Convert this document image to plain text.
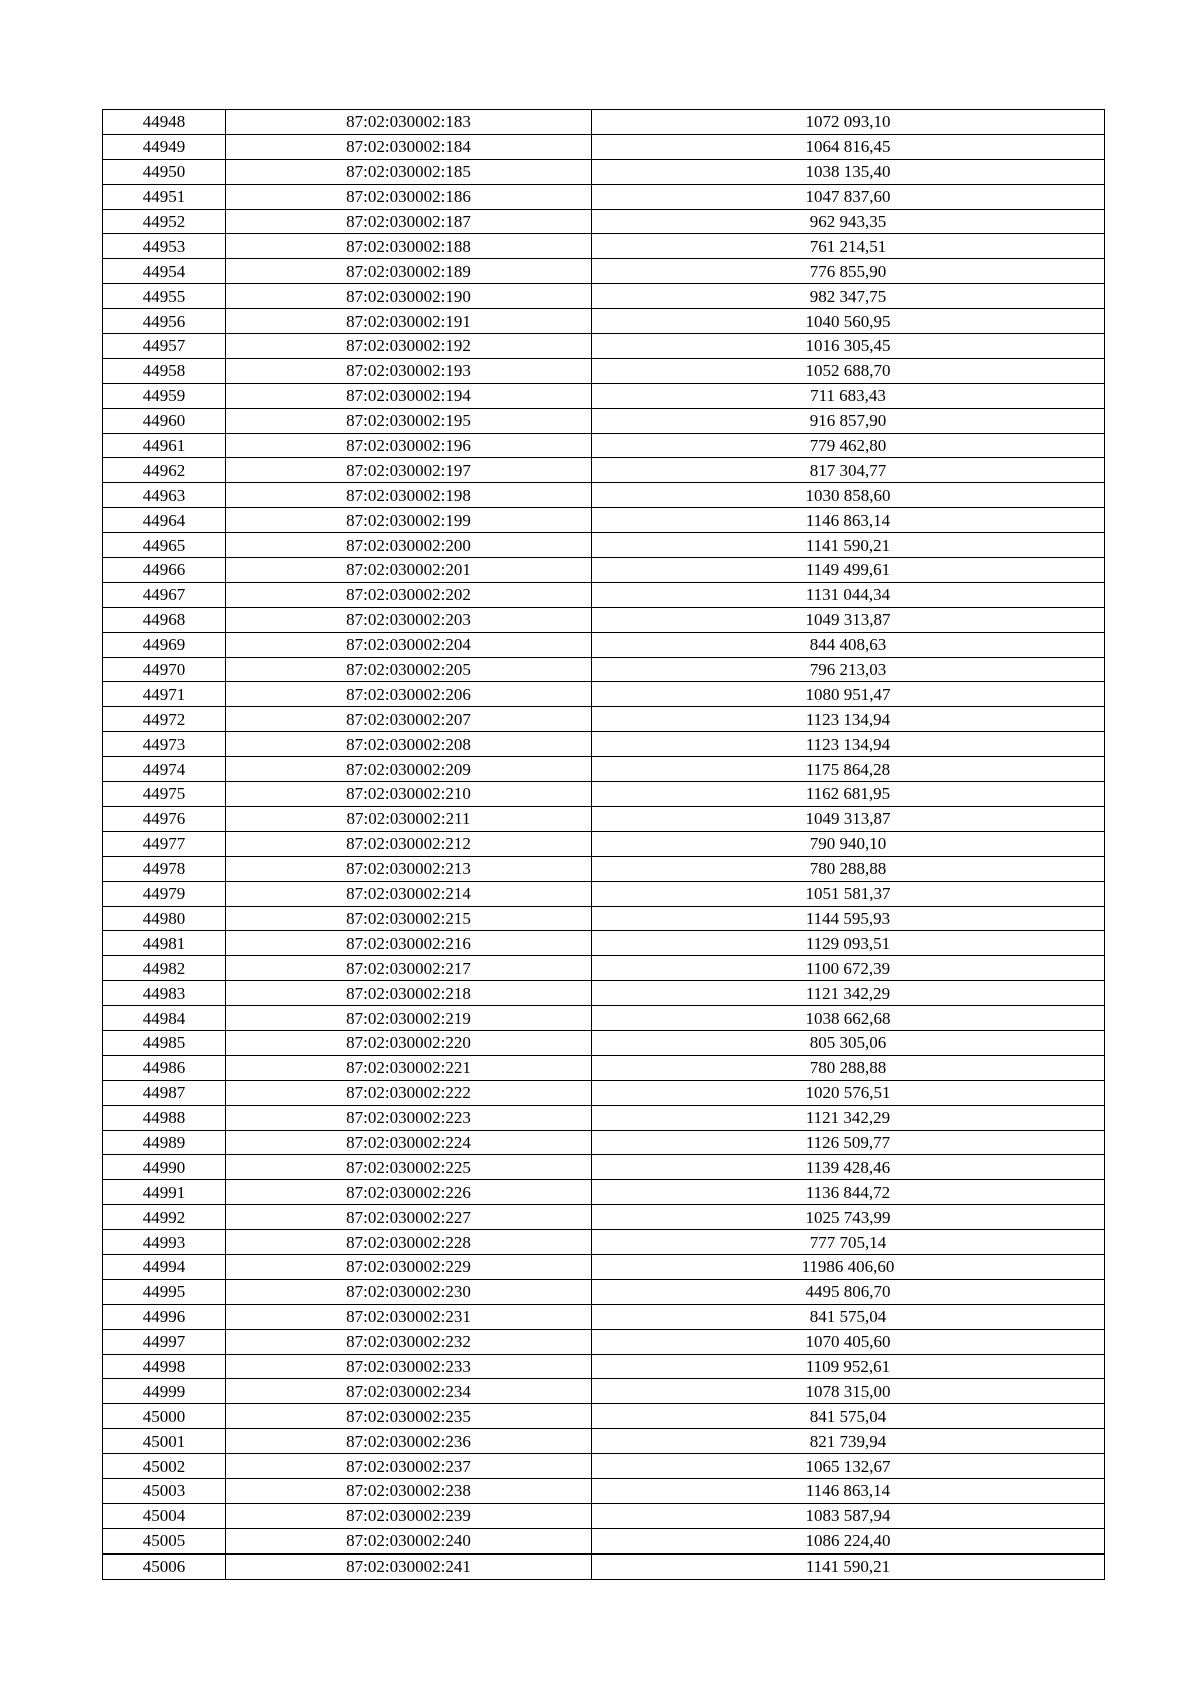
44948	87:02:030002:183	1072 093,10
44949	87:02:030002:184	1064 816,45
44950	87:02:030002:185	1038 135,40
44951	87:02:030002:186	1047 837,60
44952	87:02:030002:187	962 943,35
44953	87:02:030002:188	761 214,51
44954	87:02:030002:189	776 855,90
44955	87:02:030002:190	982 347,75
44956	87:02:030002:191	1040 560,95
44957	87:02:030002:192	1016 305,45
44958	87:02:030002:193	1052 688,70
44959	87:02:030002:194	711 683,43
44960	87:02:030002:195	916 857,90
44961	87:02:030002:196	779 462,80
44962	87:02:030002:197	817 304,77
44963	87:02:030002:198	1030 858,60
44964	87:02:030002:199	1146 863,14
44965	87:02:030002:200	1141 590,21
44966	87:02:030002:201	1149 499,61
44967	87:02:030002:202	1131 044,34
44968	87:02:030002:203	1049 313,87
44969	87:02:030002:204	844 408,63
44970	87:02:030002:205	796 213,03
44971	87:02:030002:206	1080 951,47
44972	87:02:030002:207	1123 134,94
44973	87:02:030002:208	1123 134,94
44974	87:02:030002:209	1175 864,28
44975	87:02:030002:210	1162 681,95
44976	87:02:030002:211	1049 313,87
44977	87:02:030002:212	790 940,10
44978	87:02:030002:213	780 288,88
44979	87:02:030002:214	1051 581,37
44980	87:02:030002:215	1144 595,93
44981	87:02:030002:216	1129 093,51
44982	87:02:030002:217	1100 672,39
44983	87:02:030002:218	1121 342,29
44984	87:02:030002:219	1038 662,68
44985	87:02:030002:220	805 305,06
44986	87:02:030002:221	780 288,88
44987	87:02:030002:222	1020 576,51
44988	87:02:030002:223	1121 342,29
44989	87:02:030002:224	1126 509,77
44990	87:02:030002:225	1139 428,46
44991	87:02:030002:226	1136 844,72
44992	87:02:030002:227	1025 743,99
44993	87:02:030002:228	777 705,14
44994	87:02:030002:229	11986 406,60
44995	87:02:030002:230	4495 806,70
44996	87:02:030002:231	841 575,04
44997	87:02:030002:232	1070 405,60
44998	87:02:030002:233	1109 952,61
44999	87:02:030002:234	1078 315,00
45000	87:02:030002:235	841 575,04
45001	87:02:030002:236	821 739,94
45002	87:02:030002:237	1065 132,67
45003	87:02:030002:238	1146 863,14
45004	87:02:030002:239	1083 587,94
45005	87:02:030002:240	1086 224,40
45006	87:02:030002:241	1141 590,21
